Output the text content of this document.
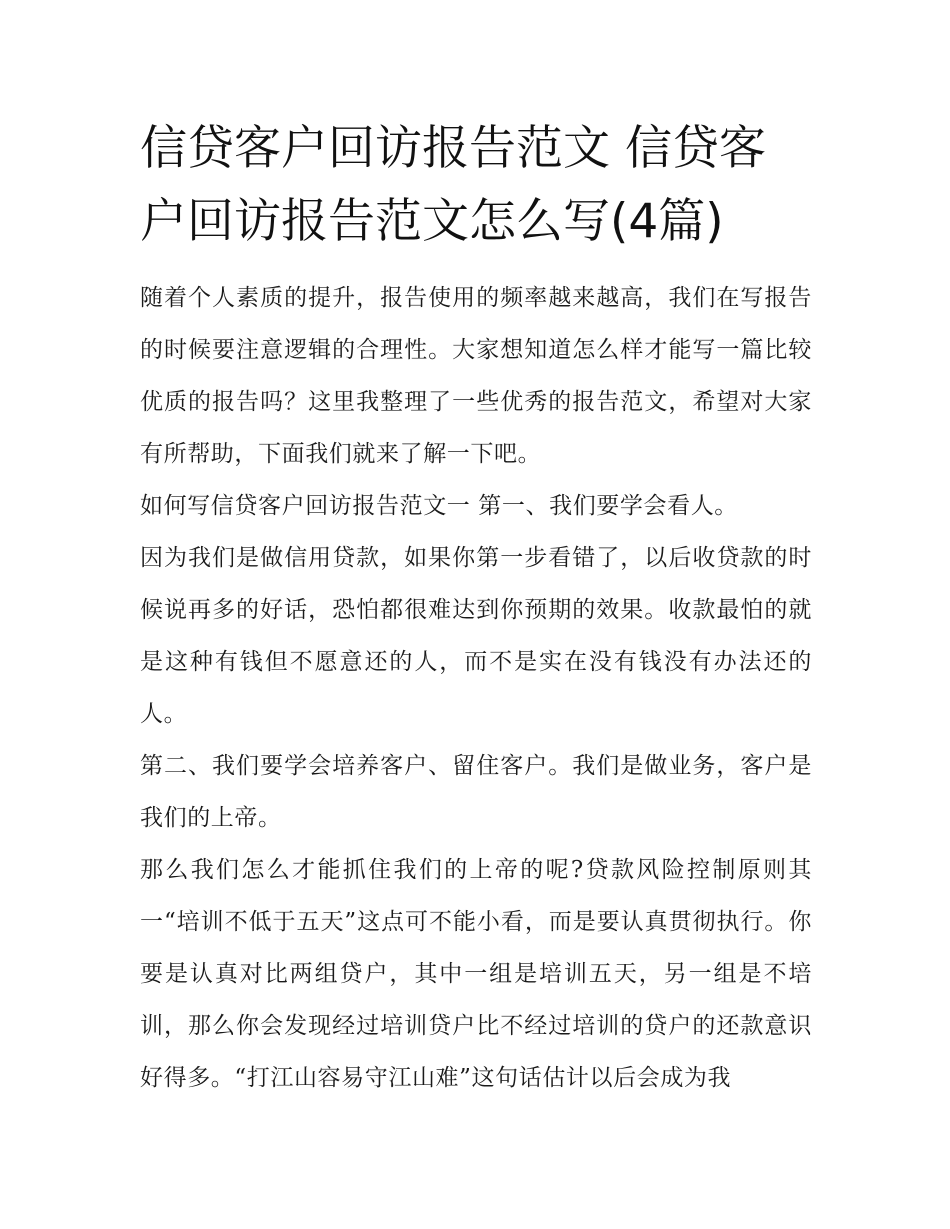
信贷客户回访报告范文 信贷客户回访报告范文怎么写(4篇)

随着个人素质的提升，报告使用的频率越来越高，我们在写报告的时候要注意逻辑的合理性。大家想知道怎么样才能写一篇比较优质的报告吗？这里我整理了一些优秀的报告范文，希望对大家有所帮助，下面我们就来了解一下吧。

如何写信贷客户回访报告范文一 第一、我们要学会看人。

因为我们是做信用贷款，如果你第一步看错了，以后收贷款的时候说再多的好话，恐怕都很难达到你预期的效果。收款最怕的就是这种有钱但不愿意还的人，而不是实在没有钱没有办法还的人。

第二、我们要学会培养客户、留住客户。我们是做业务，客户是我们的上帝。

那么我们怎么才能抓住我们的上帝的呢?贷款风险控制原则其一“培训不低于五天”这点可不能小看，而是要认真贯彻执行。你要是认真对比两组贷户，其中一组是培训五天，另一组是不培训，那么你会发现经过培训贷户比不经过培训的贷户的还款意识好得多。“打江山容易守江山难”这句话估计以后会成为我
